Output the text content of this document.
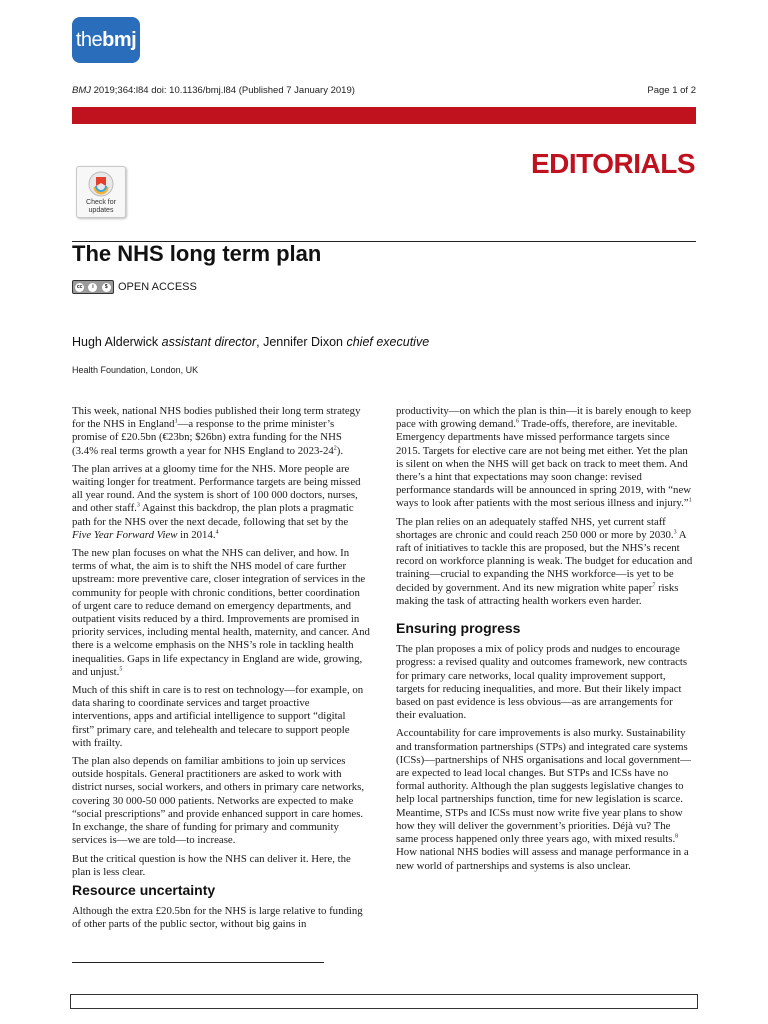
the bmj
BMJ 2019;364:l84 doi: 10.1136/bmj.l84 (Published 7 January 2019)	Page 1 of 2
EDITORIALS
Check for
updates
The NHS long term plan
cc	i	$ OPEN ACCESS
Hugh Alderwick assistant director, Jennifer Dixon chief executive
Health Foundation, London, UK

This week, national NHS bodies published their long term strategy for the NHS in England$^1$—a response to the prime minister’s promise of £20.5bn (€23bn; $26bn) extra funding for the NHS (3.4% real terms growth a year for NHS England to 2023-24$^2$).

The plan arrives at a gloomy time for the NHS. More people are waiting longer for treatment. Performance targets are being missed all year round. And the system is short of 100 000 doctors, nurses, and other staff.$^3$ Against this backdrop, the plan plots a pragmatic path for the NHS over the next decade, following that set by the Five Year Forward View in 2014.$^4$

The new plan focuses on what the NHS can deliver, and how. In terms of what, the aim is to shift the NHS model of care further upstream: more preventive care, closer integration of services in the community for people with chronic conditions, better coordination of urgent care to reduce demand on emergency departments, and outpatient visits reduced by a third. Improvements are promised in priority services, including mental health, maternity, and cancer. And there is a welcome emphasis on the NHS’s role in tackling health inequalities. Gaps in life expectancy in England are wide, growing, and unjust.$^5$

Much of this shift in care is to rest on technology—for example, on data sharing to coordinate services and target proactive interventions, apps and artificial intelligence to support “digital first” primary care, and telehealth and telecare to support people with frailty.

The plan also depends on familiar ambitions to join up services outside hospitals. General practitioners are asked to work with district nurses, social workers, and others in primary care networks, covering 30 000-50 000 patients. Networks are expected to make “social prescriptions” and provide enhanced support in care homes. In exchange, the share of funding for primary and community services is—we are told—to increase.

But the critical question is how the NHS can deliver it. Here, the plan is less clear.

Resource uncertainty

Although the extra £20.5bn for the NHS is large relative to funding of other parts of the public sector, without big gains in

productivity—on which the plan is thin—it is barely enough to keep pace with growing demand.$^6$ Trade-offs, therefore, are inevitable. Emergency departments have missed performance targets since 2015. Targets for elective care are not being met either. Yet the plan is silent on when the NHS will get back on track to meet them. And there’s a hint that expectations may soon change: revised performance standards will be announced in spring 2019, with “new ways to look after patients with the most serious illness and injury.”$^1$

The plan relies on an adequately staffed NHS, yet current staff shortages are chronic and could reach 250 000 or more by 2030.$^3$ A raft of initiatives to tackle this are proposed, but the NHS’s recent record on workforce planning is weak. The budget for education and training—crucial to expanding the NHS workforce—is yet to be decided by government. And its new migration white paper$^7$ risks making the task of attracting health workers even harder.

Ensuring progress

The plan proposes a mix of policy prods and nudges to encourage progress: a revised quality and outcomes framework, new contracts for primary care networks, local quality improvement support, targets for reducing inequalities, and more. But their likely impact based on past evidence is less obvious—as are arrangements for their evaluation.

Accountability for care improvements is also murky. Sustainability and transformation partnerships (STPs) and integrated care systems (ICSs)—partnerships of NHS organisations and local government—are expected to lead local changes. But STPs and ICSs have no formal authority. Although the plan suggests legislative changes to help local partnerships function, time for new legislation is scarce. Meantime, STPs and ICSs must now write five year plans to show how they will deliver the government’s priorities. Déjà vu? The same process happened only three years ago, with mixed results.$^8$ How national NHS bodies will assess and manage performance in a new world of partnerships and systems is also unclear.
